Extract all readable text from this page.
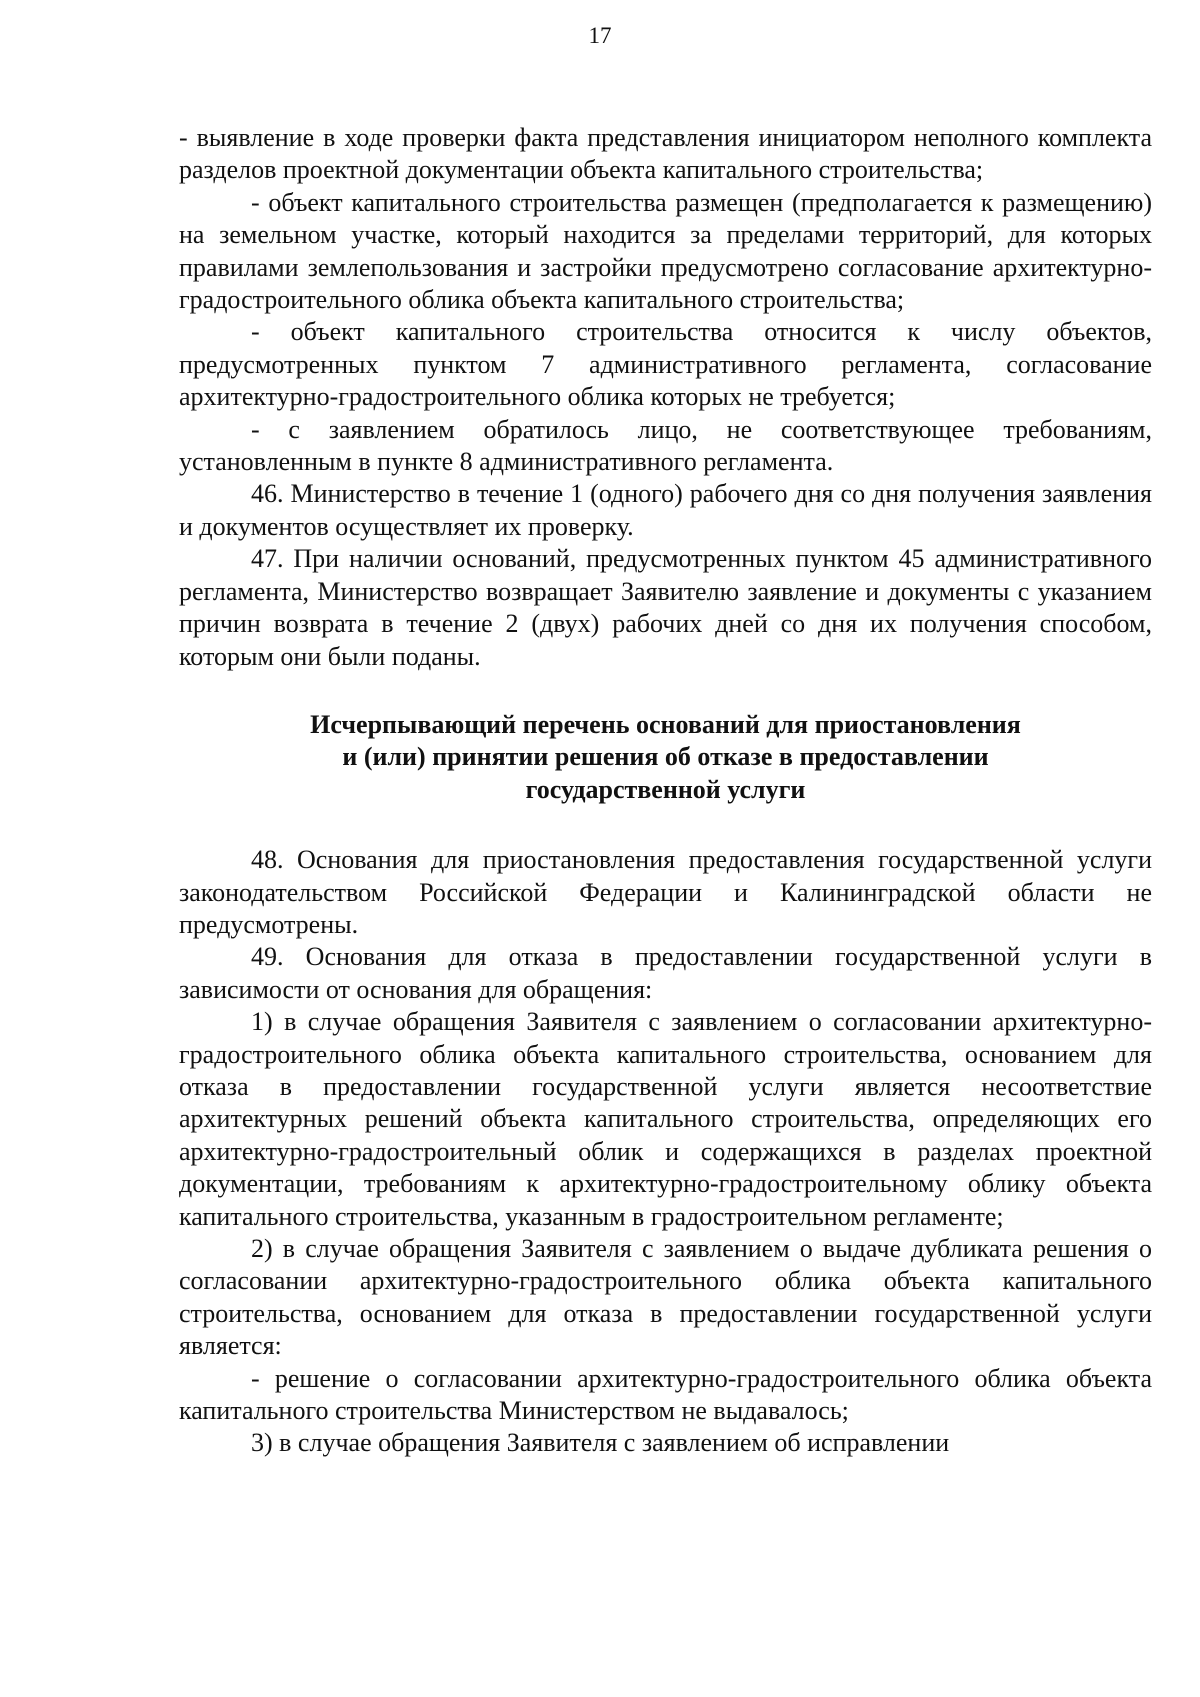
17

- выявление в ходе проверки факта представления инициатором неполного комплекта разделов проектной документации объекта капитального строительства;

- объект капитального строительства размещен (предполагается к размещению) на земельном участке, который находится за пределами территорий, для которых правилами землепользования и застройки предусмотрено согласование архитектурно-градостроительного облика объекта капитального строительства;

- объект капитального строительства относится к числу объектов, предусмотренных пунктом 7 административного регламента, согласование архитектурно-градостроительного облика которых не требуется;

- с заявлением обратилось лицо, не соответствующее требованиям, установленным в пункте 8 административного регламента.

46. Министерство в течение 1 (одного) рабочего дня со дня получения заявления и документов осуществляет их проверку.

47. При наличии оснований, предусмотренных пунктом 45 административного регламента, Министерство возвращает Заявителю заявление и документы с указанием причин возврата в течение 2 (двух) рабочих дней со дня их получения способом, которым они были поданы.

Исчерпывающий перечень оснований для приостановления
и (или) принятии решения об отказе в предоставлении
государственной услуги

48. Основания для приостановления предоставления государственной услуги законодательством Российской Федерации и Калининградской области не предусмотрены.

49. Основания для отказа в предоставлении государственной услуги в зависимости от основания для обращения:

1) в случае обращения Заявителя с заявлением о согласовании архитектурно-градостроительного облика объекта капитального строительства, основанием для отказа в предоставлении государственной услуги является несоответствие архитектурных решений объекта капитального строительства, определяющих его архитектурно-градостроительный облик и содержащихся в разделах проектной документации, требованиям к архитектурно-градостроительному облику объекта капитального строительства, указанным в градостроительном регламенте;

2) в случае обращения Заявителя с заявлением о выдаче дубликата решения о согласовании архитектурно-градостроительного облика объекта капитального строительства, основанием для отказа в предоставлении государственной услуги является:

- решение о согласовании архитектурно-градостроительного облика объекта капитального строительства Министерством не выдавалось;

3) в случае обращения Заявителя с заявлением об исправлении
